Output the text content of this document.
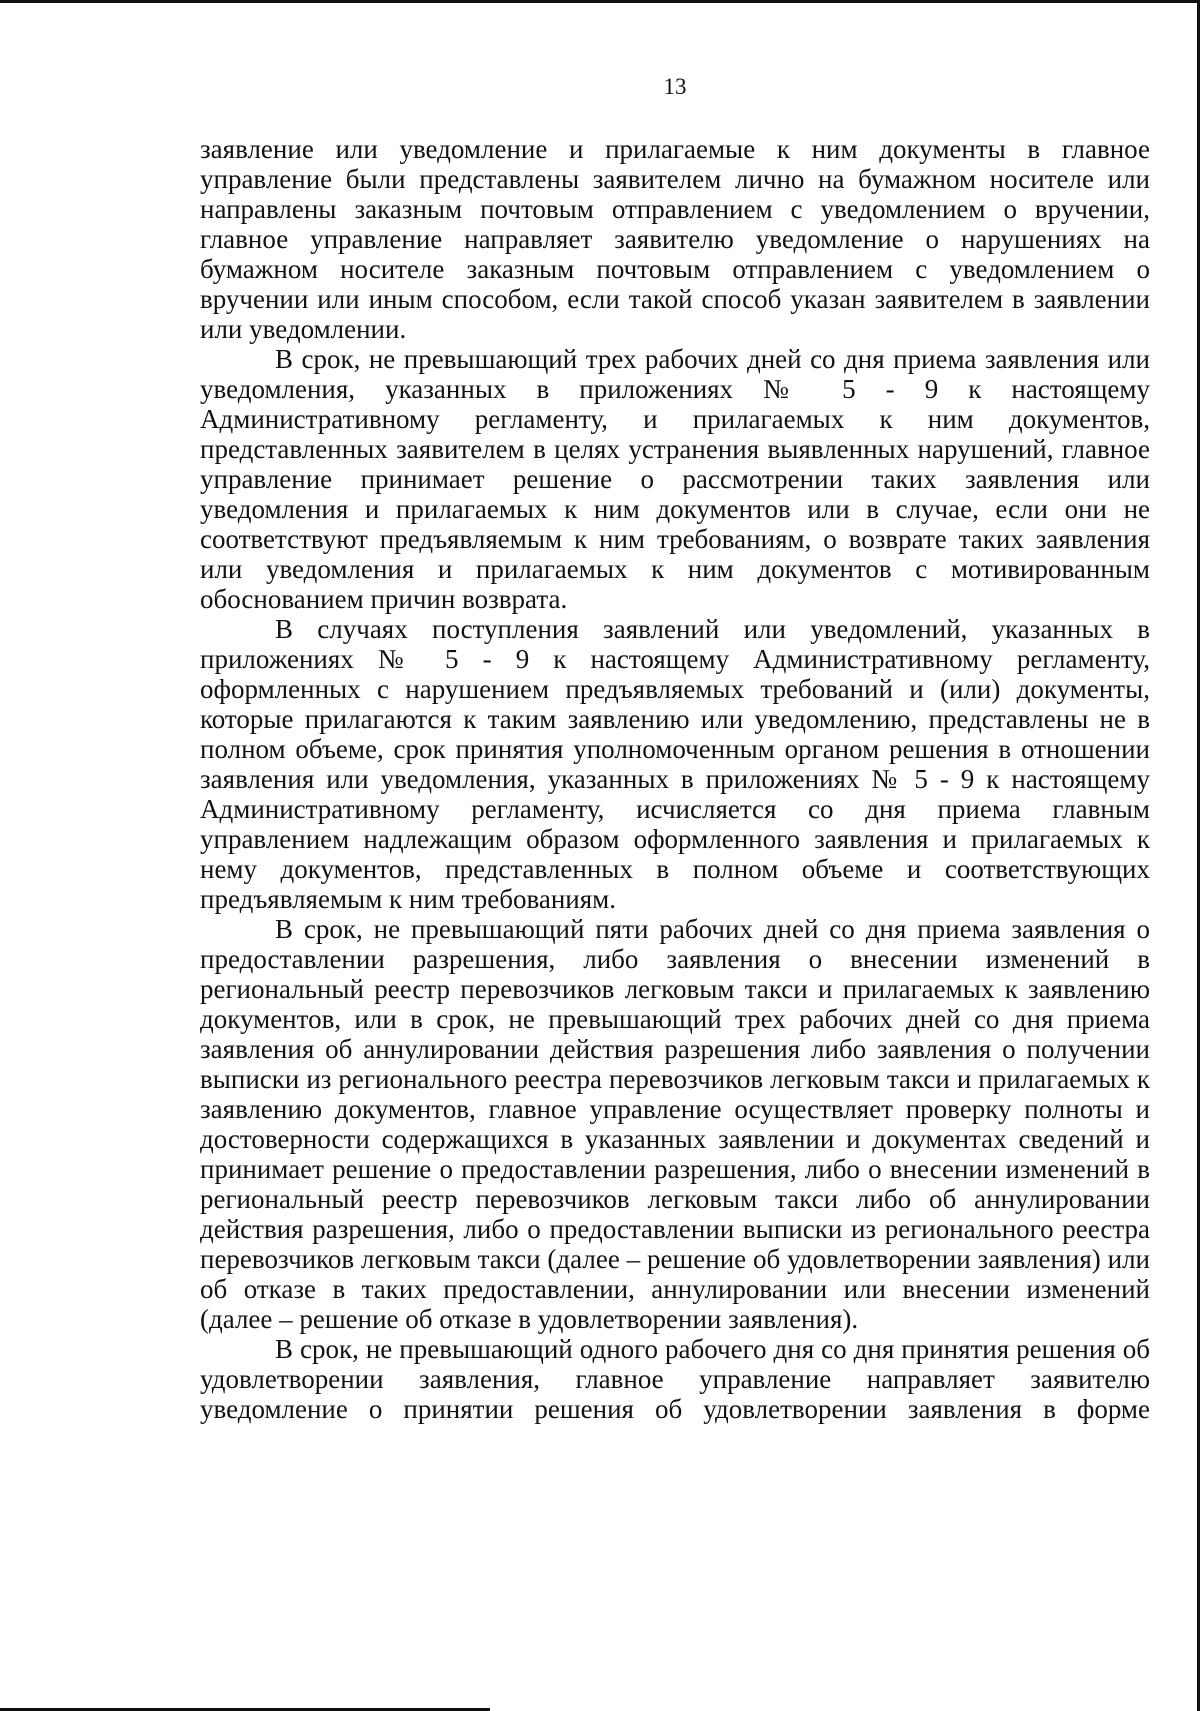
13

заявление или уведомление и прилагаемые к ним документы в главное управление были представлены заявителем лично на бумажном носителе или направлены заказным почтовым отправлением с уведомлением о вручении, главное управление направляет заявителю уведомление о нарушениях на бумажном носителе заказным почтовым отправлением с уведомлением о вручении или иным способом, если такой способ указан заявителем в заявлении или уведомлении.

В срок, не превышающий трех рабочих дней со дня приема заявления или уведомления, указанных в приложениях № 5 - 9 к настоящему Административному регламенту, и прилагаемых к ним документов, представленных заявителем в целях устранения выявленных нарушений, главное управление принимает решение о рассмотрении таких заявления или уведомления и прилагаемых к ним документов или в случае, если они не соответствуют предъявляемым к ним требованиям, о возврате таких заявления или уведомления и прилагаемых к ним документов с мотивированным обоснованием причин возврата.

В случаях поступления заявлений или уведомлений, указанных в приложениях № 5 - 9 к настоящему Административному регламенту, оформленных с нарушением предъявляемых требований и (или) документы, которые прилагаются к таким заявлению или уведомлению, представлены не в полном объеме, срок принятия уполномоченным органом решения в отношении заявления или уведомления, указанных в приложениях № 5 - 9 к настоящему Административному регламенту, исчисляется со дня приема главным управлением надлежащим образом оформленного заявления и прилагаемых к нему документов, представленных в полном объеме и соответствующих предъявляемым к ним требованиям.

В срок, не превышающий пяти рабочих дней со дня приема заявления о предоставлении разрешения, либо заявления о внесении изменений в региональный реестр перевозчиков легковым такси и прилагаемых к заявлению документов, или в срок, не превышающий трех рабочих дней со дня приема заявления об аннулировании действия разрешения либо заявления о получении выписки из регионального реестра перевозчиков легковым такси и прилагаемых к заявлению документов, главное управление осуществляет проверку полноты и достоверности содержащихся в указанных заявлении и документах сведений и принимает решение о предоставлении разрешения, либо о внесении изменений в региональный реестр перевозчиков легковым такси либо об аннулировании действия разрешения, либо о предоставлении выписки из регионального реестра перевозчиков легковым такси (далее – решение об удовлетворении заявления) или об отказе в таких предоставлении, аннулировании или внесении изменений (далее – решение об отказе в удовлетворении заявления).

В срок, не превышающий одного рабочего дня со дня принятия решения об удовлетворении заявления, главное управление направляет заявителю уведомление о принятии решения об удовлетворении заявления в форме
